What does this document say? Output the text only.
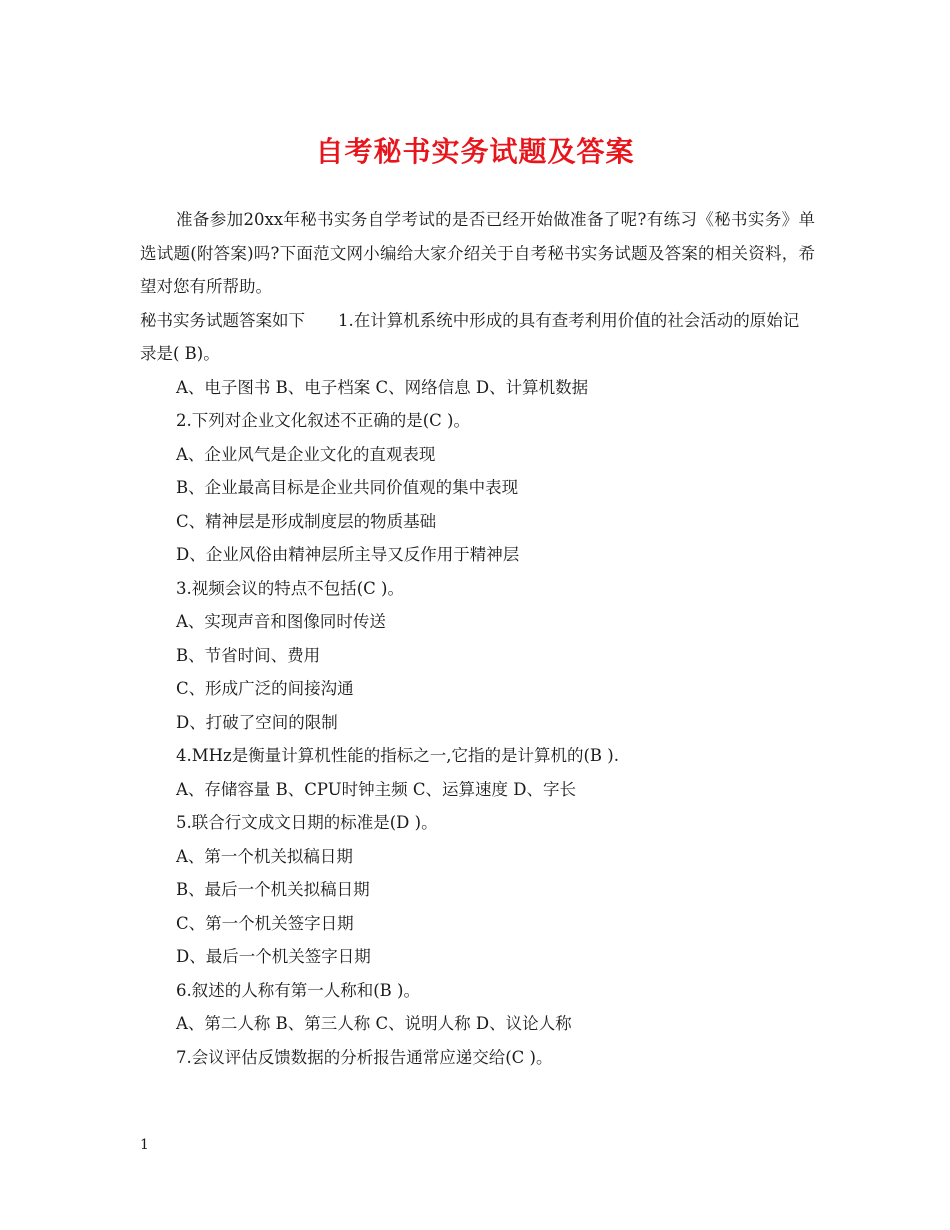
自考秘书实务试题及答案

准备参加20xx年秘书实务自学考试的是否已经开始做准备了呢?有练习《秘书实务》单选试题(附答案)吗?下面范文网小编给大家介绍关于自考秘书实务试题及答案的相关资料，希望对您有所帮助。

秘书实务试题答案如下　　1.在计算机系统中形成的具有查考利用价值的社会活动的原始记录是( B)。

A、电子图书 B、电子档案 C、网络信息 D、计算机数据

2.下列对企业文化叙述不正确的是(C )。

A、企业风气是企业文化的直观表现

B、企业最高目标是企业共同价值观的集中表现

C、精神层是形成制度层的物质基础

D、企业风俗由精神层所主导又反作用于精神层

3.视频会议的特点不包括(C )。

A、实现声音和图像同时传送

B、节省时间、费用

C、形成广泛的间接沟通

D、打破了空间的限制

4.MHz是衡量计算机性能的指标之一,它指的是计算机的(B ).

A、存储容量 B、CPU时钟主频 C、运算速度 D、字长

5.联合行文成文日期的标准是(D )。

A、第一个机关拟稿日期

B、最后一个机关拟稿日期

C、第一个机关签字日期

D、最后一个机关签字日期

6.叙述的人称有第一人称和(B )。

A、第二人称 B、第三人称 C、说明人称 D、议论人称

7.会议评估反馈数据的分析报告通常应递交给(C )。

1
